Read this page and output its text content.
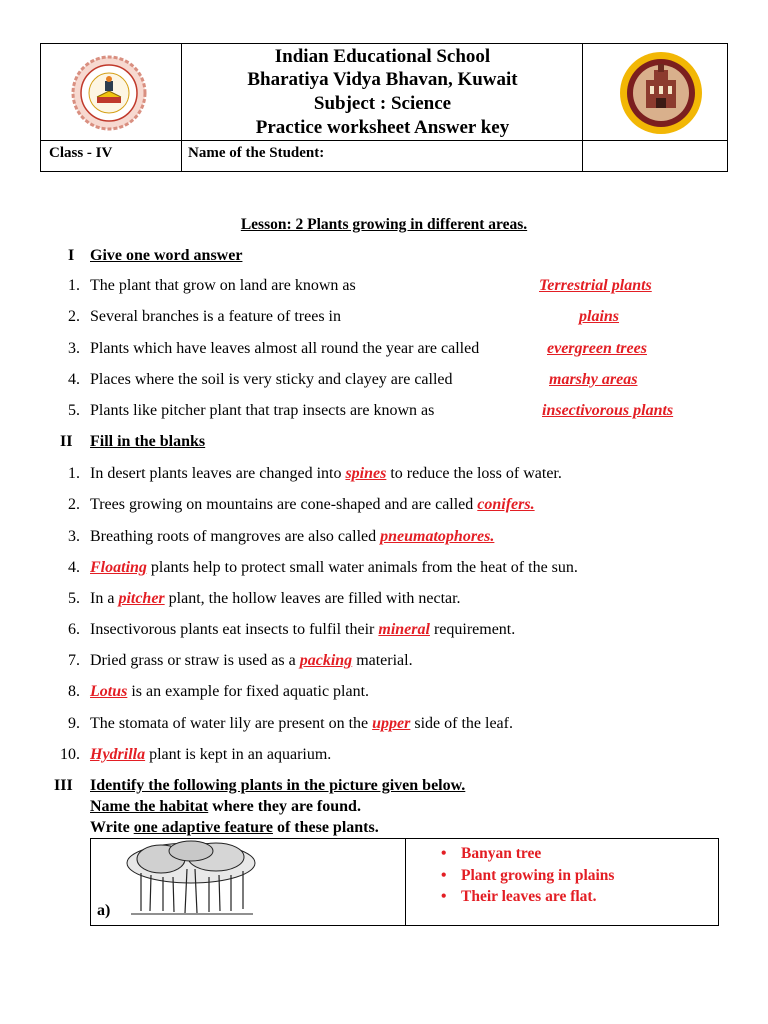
Indian Educational School
Bharatiya Vidya Bhavan, Kuwait
Subject : Science
Practice worksheet Answer key
Class - IV	Name of the Student:
Lesson: 2 Plants growing in different areas.
I Give one word answer
1. The plant that grow on land are known as	Terrestrial plants
2. Several branches is a feature of trees in	plains
3. Plants which have leaves almost all round the year are called	evergreen trees
4. Places where the soil is very sticky and clayey are called	marshy areas
5. Plants like pitcher plant that trap insects are known as	insectivorous plants
II Fill in the blanks
1. In desert plants leaves are changed into spines to reduce the loss of water.
2. Trees growing on mountains are cone-shaped and are called conifers.
3. Breathing roots of mangroves are also called pneumatophores.
4. Floating plants help to protect small water animals from the heat of the sun.
5. In a pitcher plant, the hollow leaves are filled with nectar.
6. Insectivorous plants eat insects to fulfil their mineral requirement.
7. Dried grass or straw is used as a packing material.
8. Lotus is an example for fixed aquatic plant.
9. The stomata of water lily are present on the upper side of the leaf.
10. Hydrilla plant is kept in an aquarium.
III Identify the following plants in the picture given below.
Name the habitat where they are found.
Write one adaptive feature of these plants.
a)
• Banyan tree
• Plant growing in plains
• Their leaves are flat.
